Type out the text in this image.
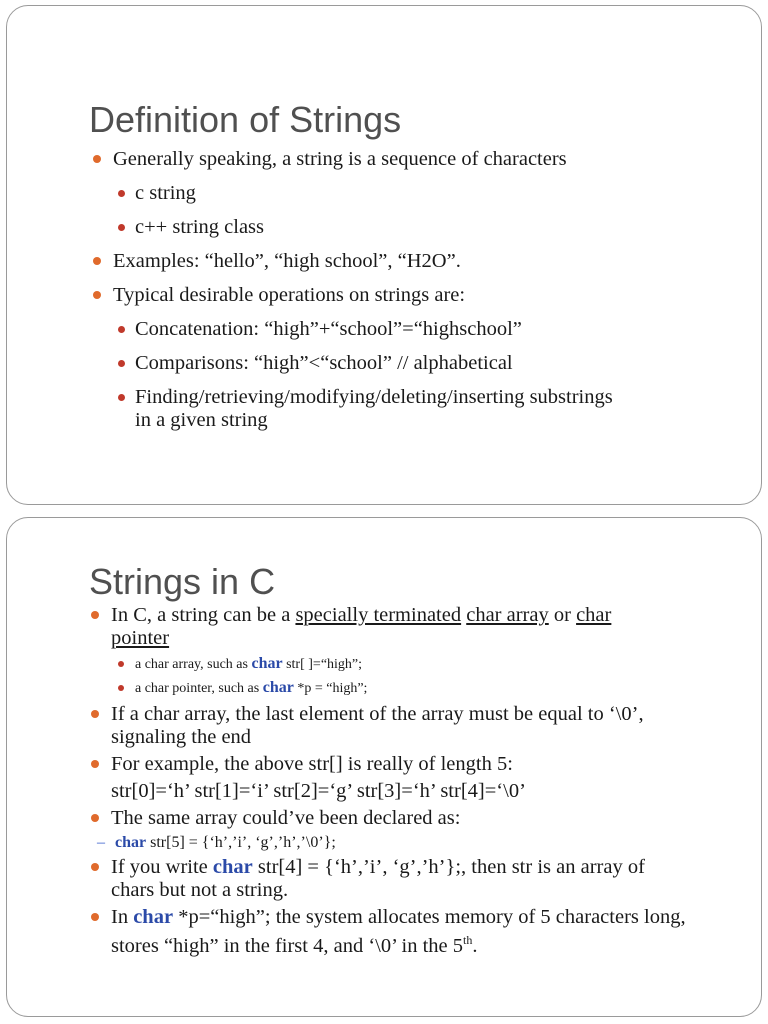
Definition of Strings
Generally speaking, a string is a sequence of characters
c string
c++ string class
Examples: “hello”, “high school”, “H2O”.
Typical desirable operations on strings are:
Concatenation: “high”+“school”=“highschool”
Comparisons: “high”<“school” // alphabetical
Finding/retrieving/modifying/deleting/inserting substrings in a given string
Strings in C
In C, a string can be a specially terminated char array or char pointer
a char array, such as char str[ ]=“high”;
a char pointer, such as char *p = “high”;
If a char array, the last element of the array must be equal to ‘\0’, signaling the end
For example, the above str[] is really of length 5:
str[0]=‘h’ str[1]=‘i’ str[2]=‘g’ str[3]=‘h’ str[4]=‘\0’
The same array could’ve been declared as:
– char str[5] = {‘h’,’i’, ‘g’,’h’,’\0’};
If you write char str[4] = {‘h’,’i’, ‘g’,’h’};, then str is an array of chars but not a string.
In char *p=“high”; the system allocates memory of 5 characters long, stores “high” in the first 4, and ‘\0’ in the 5th.
